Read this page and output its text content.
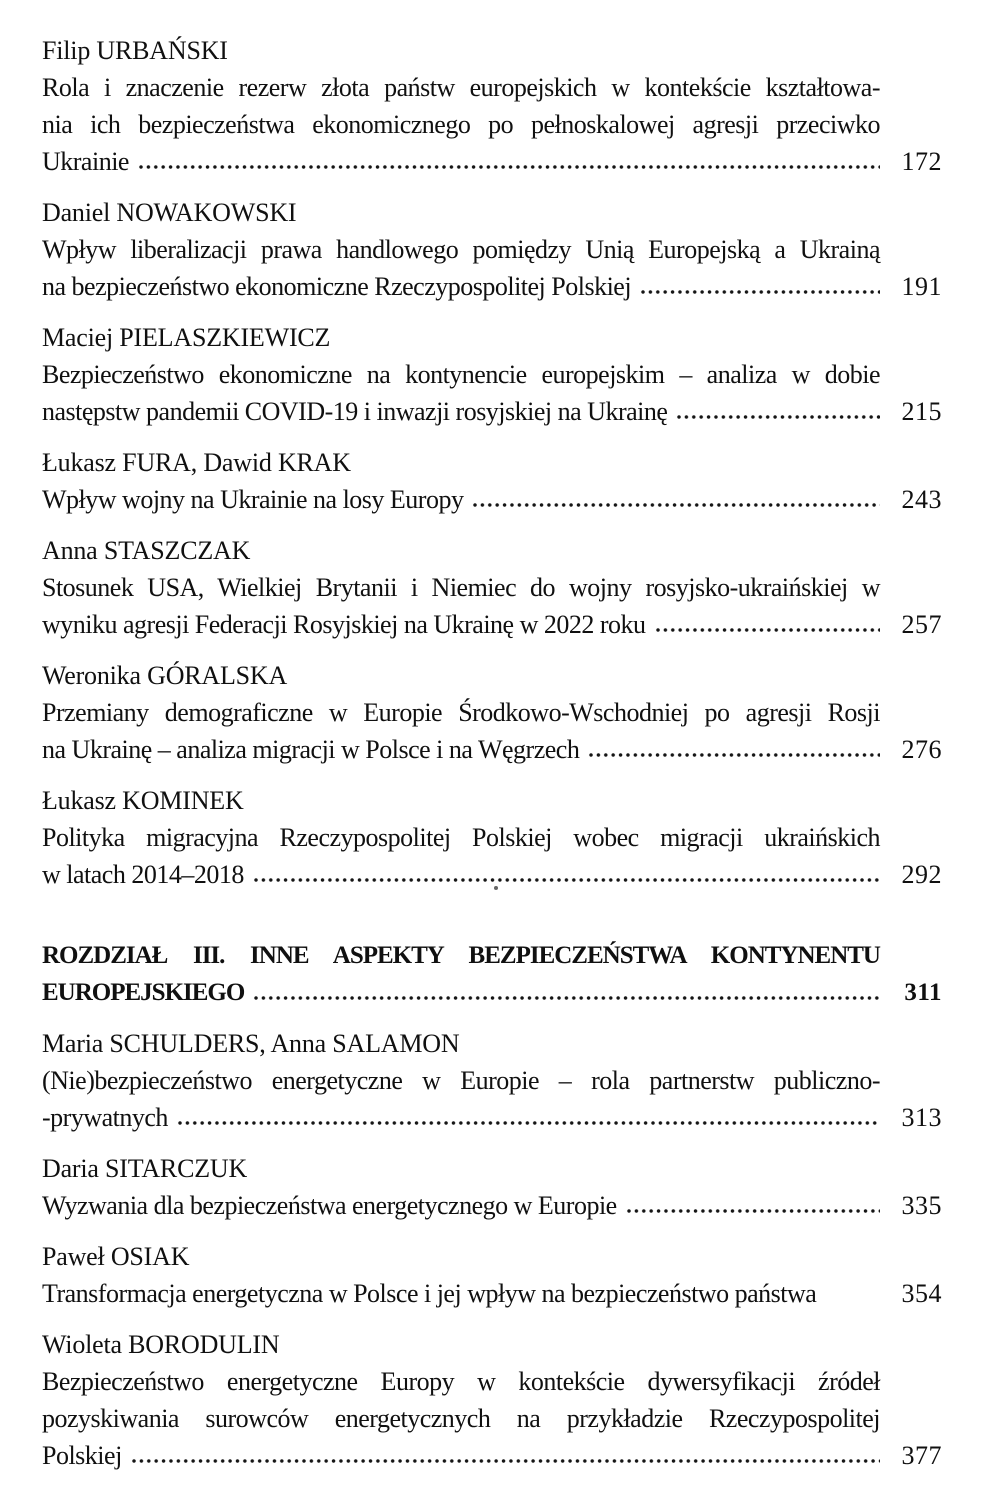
Filip URBAŃSKI
Rola i znaczenie rezerw złota państw europejskich w kontekście kształtowa-
nia ich bezpieczeństwa ekonomicznego po pełnoskalowej agresji przeciwko
Ukrainie	172
Daniel NOWAKOWSKI
Wpływ liberalizacji prawa handlowego pomiędzy Unią Europejską a Ukrainą
na bezpieczeństwo ekonomiczne Rzeczypospolitej Polskiej	191
Maciej PIELASZKIEWICZ
Bezpieczeństwo ekonomiczne na kontynencie europejskim – analiza w dobie
następstw pandemii COVID-19 i inwazji rosyjskiej na Ukrainę	215
Łukasz FURA, Dawid KRAK
Wpływ wojny na Ukrainie na losy Europy	243
Anna STASZCZAK
Stosunek USA, Wielkiej Brytanii i Niemiec do wojny rosyjsko-ukraińskiej w
wyniku agresji Federacji Rosyjskiej na Ukrainę w 2022 roku	257
Weronika GÓRALSKA
Przemiany demograficzne w Europie Środkowo-Wschodniej po agresji Rosji
na Ukrainę – analiza migracji w Polsce i na Węgrzech	276
Łukasz KOMINEK
Polityka migracyjna Rzeczypospolitej Polskiej wobec migracji ukraińskich
w latach 2014–2018	292
ROZDZIAŁ III. INNE ASPEKTY BEZPIECZEŃSTWA KONTYNENTU
EUROPEJSKIEGO	311
Maria SCHULDERS, Anna SALAMON
(Nie)bezpieczeństwo energetyczne w Europie – rola partnerstw publiczno-
-prywatnych	313
Daria SITARCZUK
Wyzwania dla bezpieczeństwa energetycznego w Europie	335
Paweł OSIAK
Transformacja energetyczna w Polsce i jej wpływ na bezpieczeństwo państwa	354
Wioleta BORODULIN
Bezpieczeństwo energetyczne Europy w kontekście dywersyfikacji źródeł
pozyskiwania surowców energetycznych na przykładzie Rzeczypospolitej
Polskiej	377
